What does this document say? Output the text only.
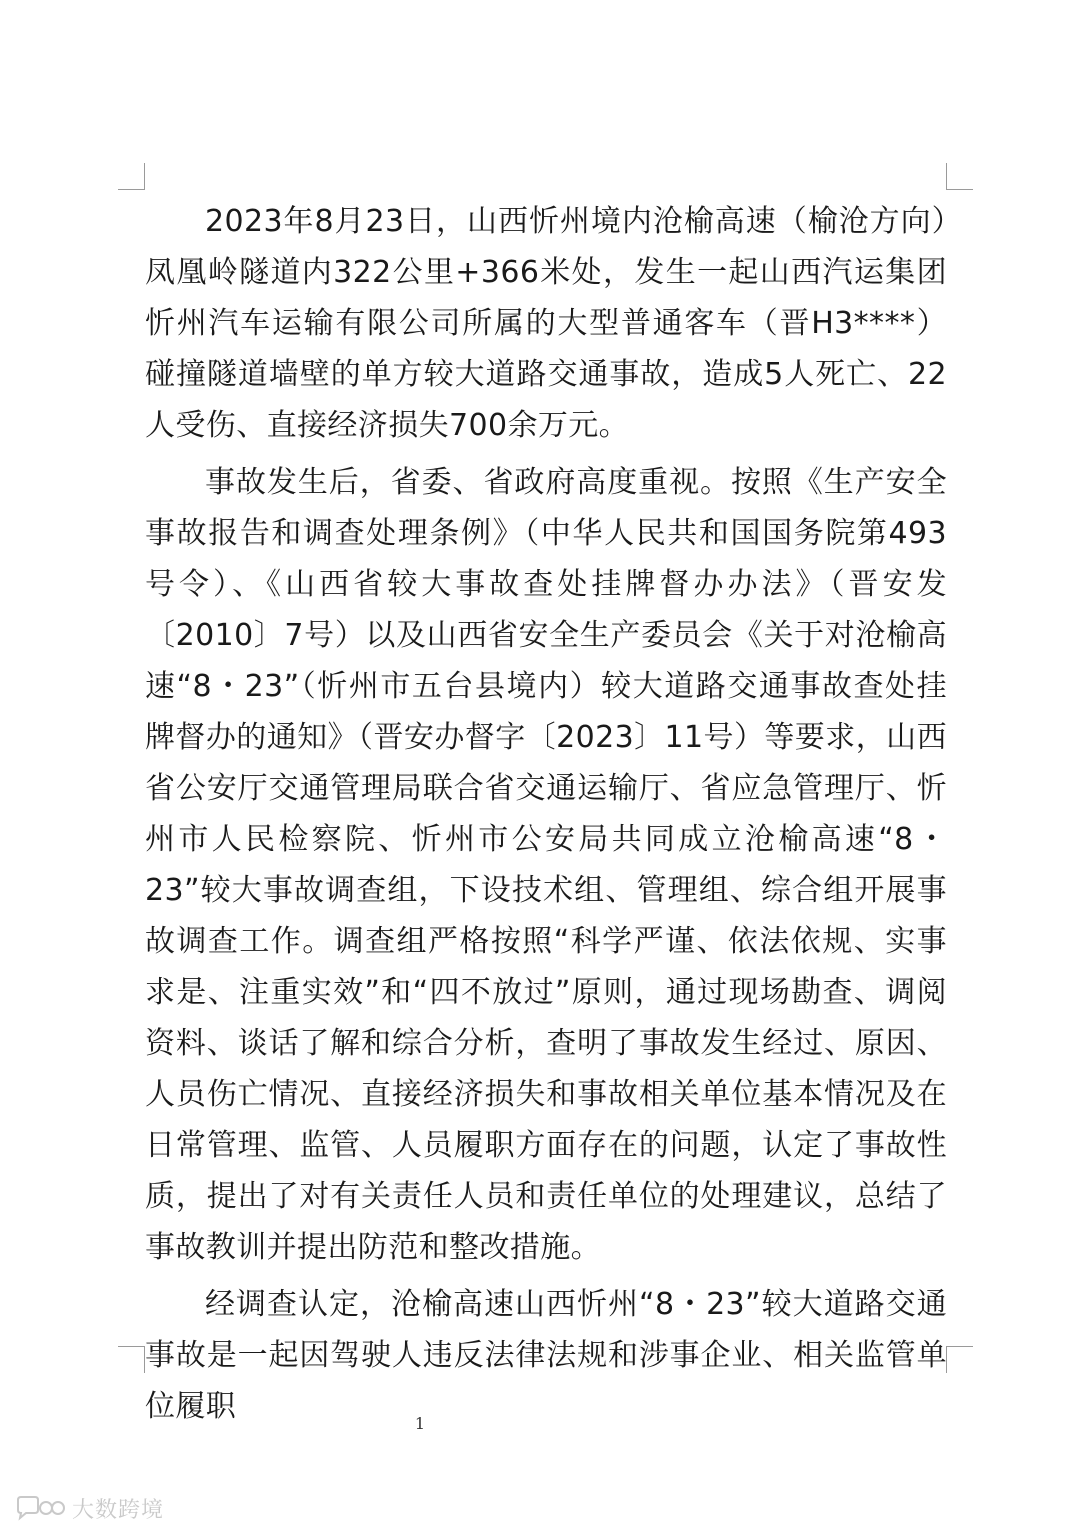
2023年8月23日，山西忻州境内沧榆高速（榆沧方向）凤凰岭隧道内322公里+366米处，发生一起山西汽运集团忻州汽车运输有限公司所属的大型普通客车（晋H3****）碰撞隧道墙壁的单方较大道路交通事故，造成5人死亡、22人受伤、直接经济损失700余万元。

事故发生后，省委、省政府高度重视。按照《生产安全事故报告和调查处理条例》（中华人民共和国国务院第493号令）、《山西省较大事故查处挂牌督办办法》（晋安发〔2010〕7号）以及山西省安全生产委员会《关于对沧榆高速“8・23”（忻州市五台县境内）较大道路交通事故查处挂牌督办的通知》（晋安办督字〔2023〕11号）等要求，山西省公安厅交通管理局联合省交通运输厅、省应急管理厅、忻州市人民检察院、忻州市公安局共同成立沧榆高速“8・23”较大事故调查组，下设技术组、管理组、综合组开展事故调查工作。调查组严格按照“科学严谨、依法依规、实事求是、注重实效”和“四不放过”原则，通过现场勘查、调阅资料、谈话了解和综合分析，查明了事故发生经过、原因、人员伤亡情况、直接经济损失和事故相关单位基本情况及在日常管理、监管、人员履职方面存在的问题，认定了事故性质，提出了对有关责任人员和责任单位的处理建议，总结了事故教训并提出防范和整改措施。

经调查认定，沧榆高速山西忻州“8・23”较大道路交通事故是一起因驾驶人违反法律法规和涉事企业、相关监管单位履职	1
大数跨境
